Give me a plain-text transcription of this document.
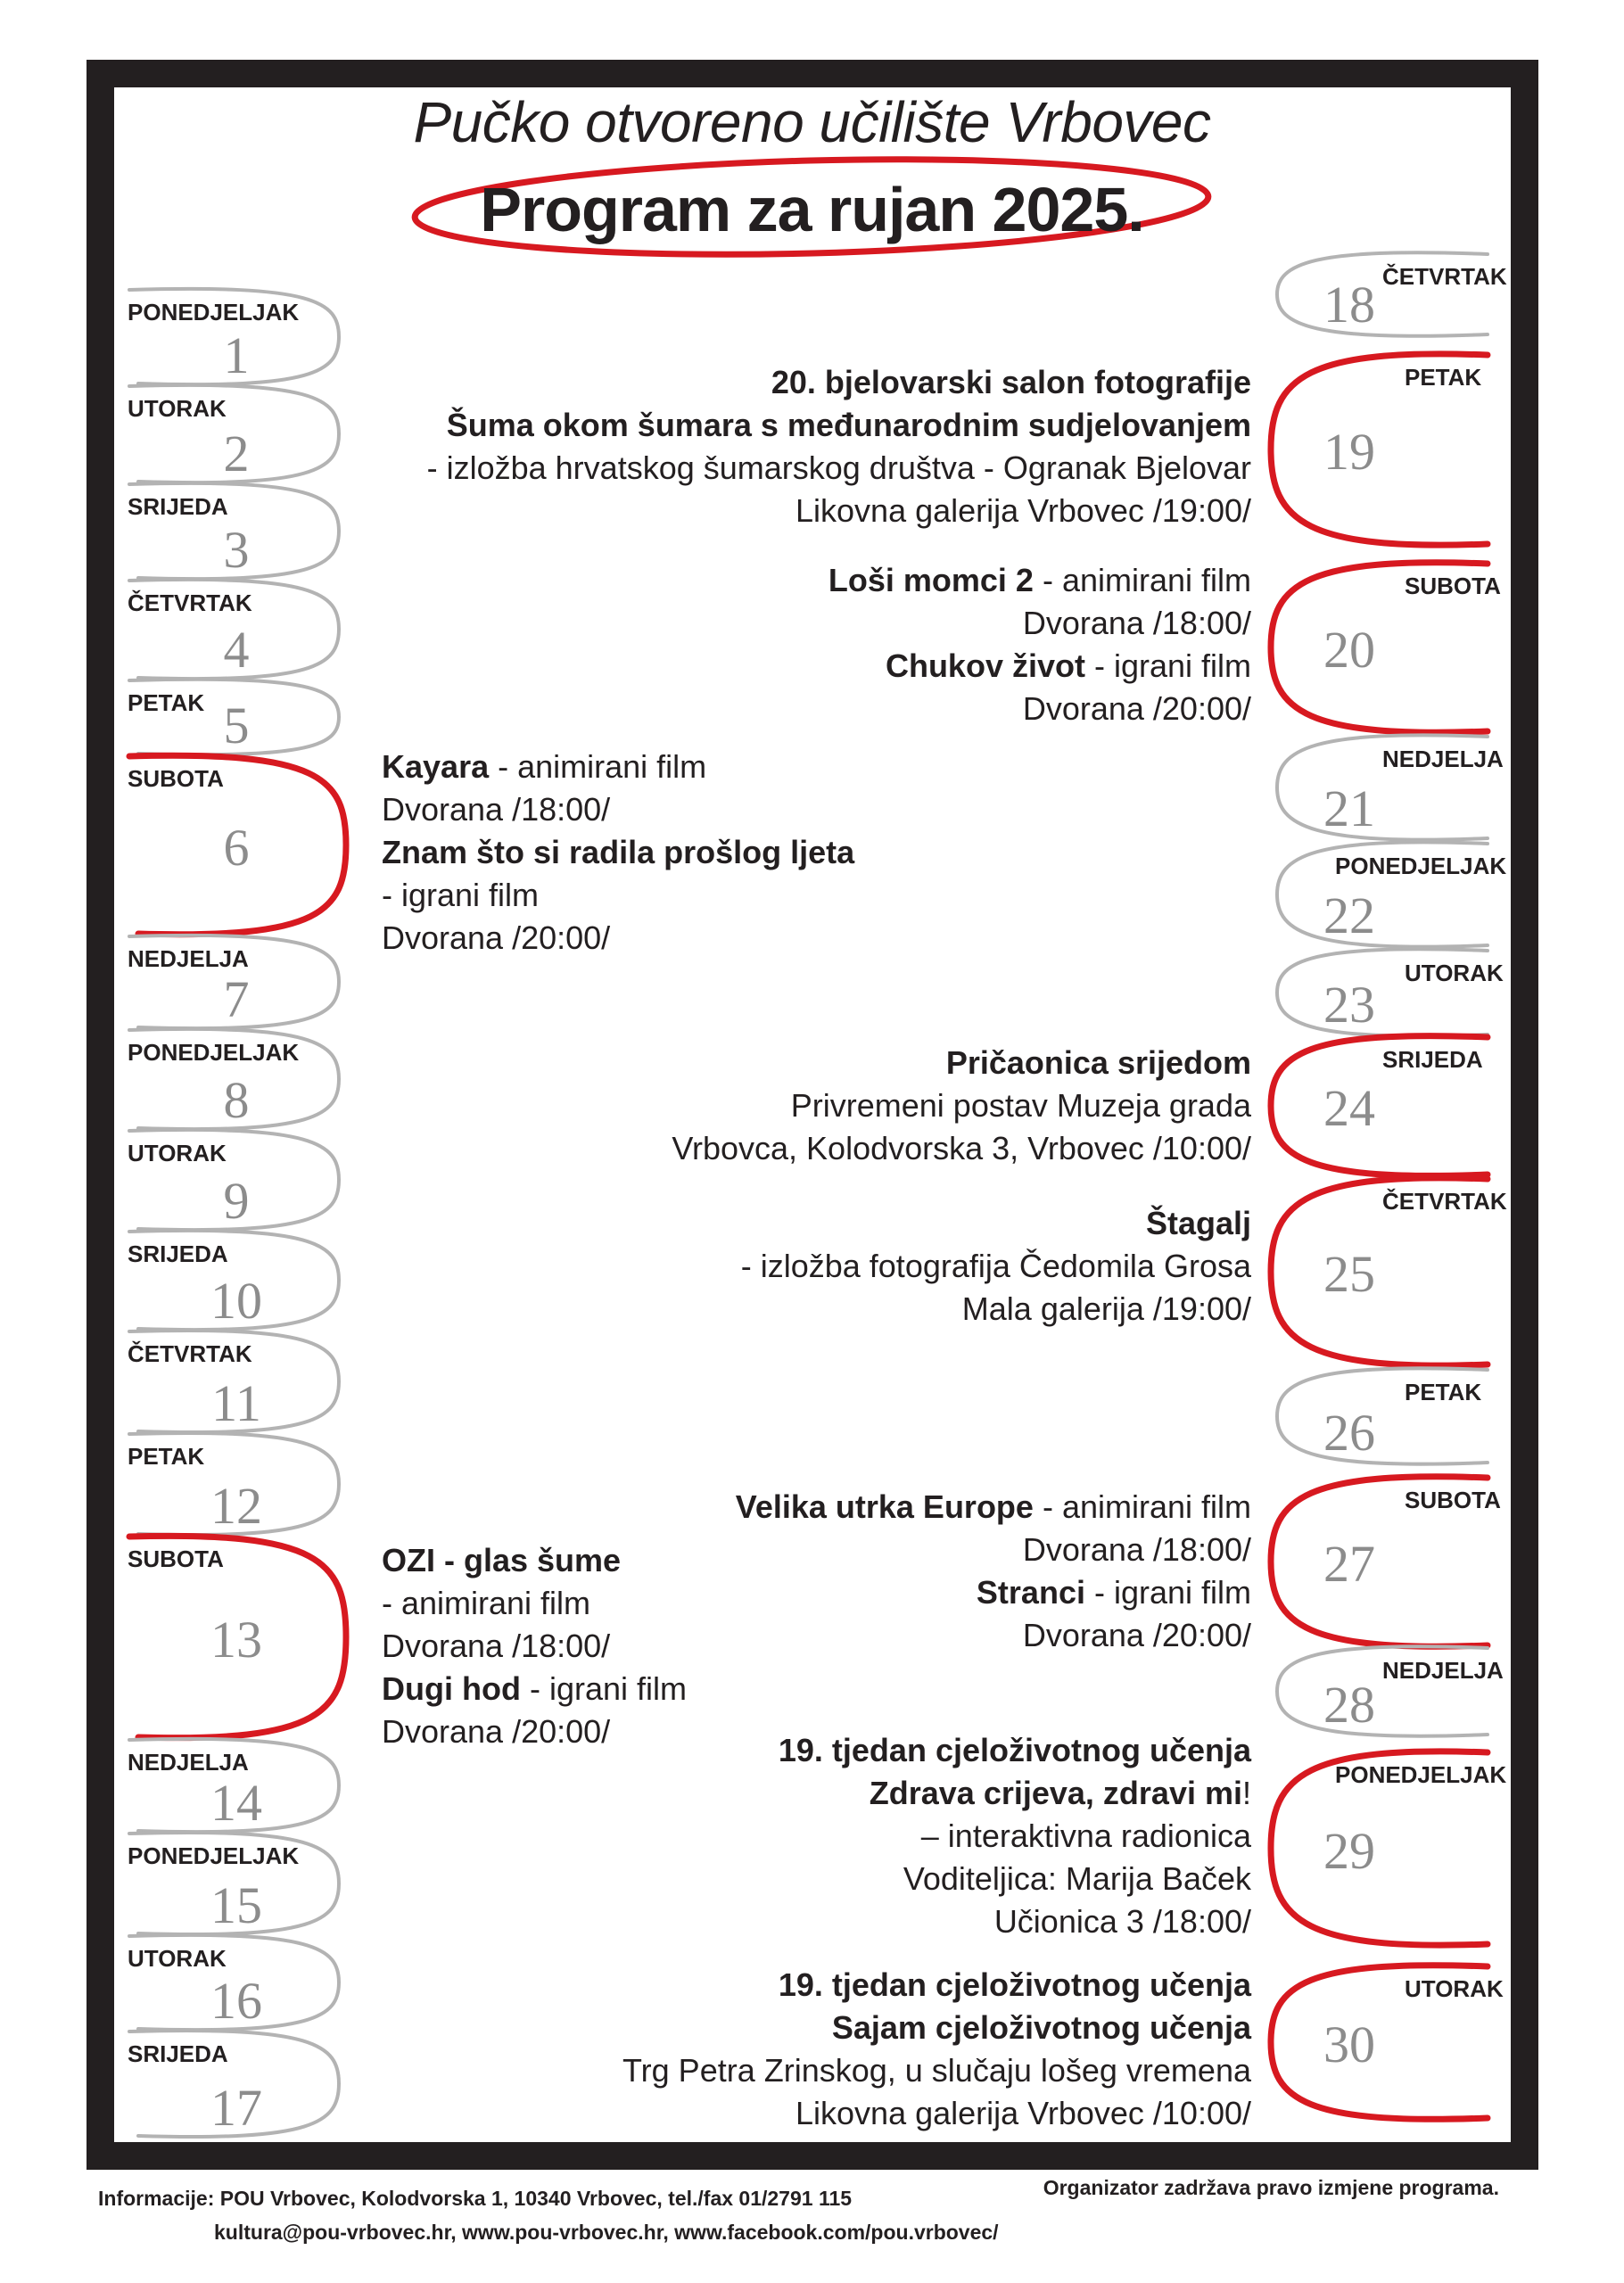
Pučko otvoreno učilište Vrbovec
Program za rujan 2025.
PONEDJELJAK
1
UTORAK
2
SRIJEDA
3
ČETVRTAK
4
PETAK 5
SUBOTA
6
NEDJELJA
7
PONEDJELJAK
8
UTORAK
9
SRIJEDA
10
ČETVRTAK
11
PETAK
12
SUBOTA
13
NEDJELJA
14
PONEDJELJAK
15
UTORAK
16
SRIJEDA
17
ČETVRTAK
18
PETAK
19
SUBOTA
20
NEDJELJA
21
PONEDJELJAK
22
UTORAK
23
SRIJEDA
24
ČETVRTAK
25
PETAK
26
SUBOTA
27
NEDJELJA
28
PONEDJELJAK
29
UTORAK
30
20. bjelovarski salon fotografije
Šuma okom šumara s međunarodnim sudjelovanjem
- izložba hrvatskog šumarskog društva - Ogranak Bjelovar
Likovna galerija Vrbovec /19:00/
Loši momci 2 - animirani film
Dvorana /18:00/
Chukov život - igrani film
Dvorana /20:00/
Kayara - animirani film
Dvorana /18:00/
Znam što si radila prošlog ljeta
- igrani film
Dvorana /20:00/
Pričaonica srijedom
Privremeni postav Muzeja grada
Vrbovca, Kolodvorska 3, Vrbovec /10:00/
Štagalj
- izložba fotografija Čedomila Grosa
Mala galerija /19:00/
Velika utrka Europe - animirani film
Dvorana /18:00/
Stranci - igrani film
Dvorana /20:00/
OZI - glas šume
- animirani film
Dvorana /18:00/
Dugi hod - igrani film
Dvorana /20:00/
19. tjedan cjeloživotnog učenja
Zdrava crijeva, zdravi mi!
– interaktivna radionica
Voditeljica: Marija Baček
Učionica 3 /18:00/
19. tjedan cjeloživotnog učenja
Sajam cjeloživotnog učenja
Trg Petra Zrinskog, u slučaju lošeg vremena
Likovna galerija Vrbovec /10:00/
Informacije: POU Vrbovec, Kolodvorska 1, 10340 Vrbovec, tel./fax 01/2791 115
kultura@pou-vrbovec.hr, www.pou-vrbovec.hr, www.facebook.com/pou.vrbovec/
Organizator zadržava pravo izmjene programa.
